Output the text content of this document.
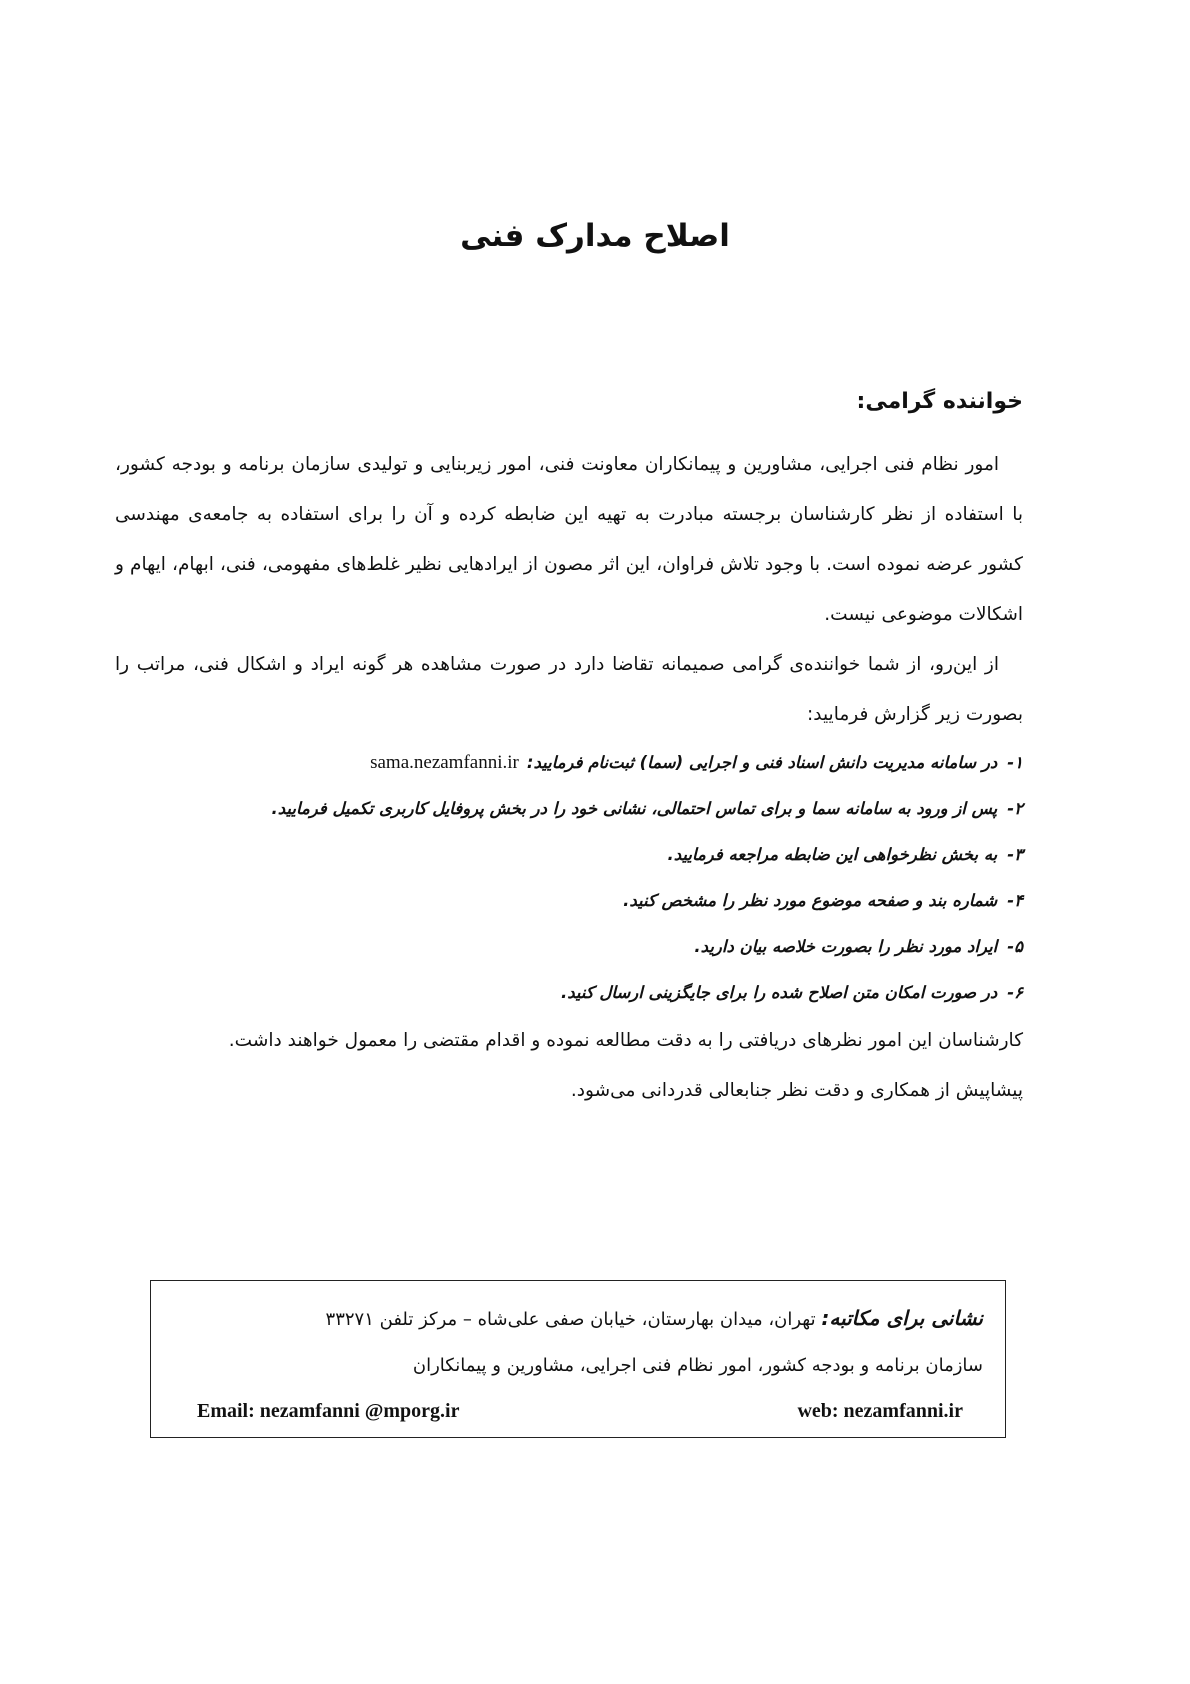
اصلاح مدارک فنی

خواننده گرامی:

امور نظام فنی اجرایی، مشاورین و پیمانکاران معاونت فنی، امور زیربنایی و تولیدی سازمان برنامه و بودجه کشور، با استفاده از نظر کارشناسان برجسته مبادرت به تهیه این ضابطه کرده و آن را برای استفاده به جامعه‌ی مهندسی کشور عرضه نموده است. با وجود تلاش فراوان، این اثر مصون از ایرادهایی نظیر غلط‌های مفهومی، فنی، ابهام، ایهام و اشکالات موضوعی نیست.

از این‌رو، از شما خواننده‌ی گرامی صمیمانه تقاضا دارد در صورت مشاهده هر گونه ایراد و اشکال فنی، مراتب را بصورت زیر گزارش فرمایید:

۱-در سامانه مدیریت دانش اسناد فنی و اجرایی (سما) ثبت‌نام فرمایید:sama.nezamfanni.ir
۲-پس از ورود به سامانه سما و برای تماس احتمالی، نشانی خود را در بخش پروفایل کاربری تکمیل فرمایید.
۳-به بخش نظرخواهی این ضابطه مراجعه فرمایید.
۴-شماره بند و صفحه موضوع مورد نظر را مشخص کنید.
۵-ایراد مورد نظر را بصورت خلاصه بیان دارید.
۶-در صورت امکان متن اصلاح شده را برای جایگزینی ارسال کنید.

کارشناسان این امور نظرهای دریافتی را به دقت مطالعه نموده و اقدام مقتضی را معمول خواهند داشت.

پیشاپیش از همکاری و دقت نظر جنابعالی قدردانی می‌شود.

نشانی برای مکاتبه: تهران، میدان بهارستان، خیابان صفی علی‌شاه – مرکز تلفن ۳۳۲۷۱

سازمان برنامه و بودجه کشور، امور نظام فنی اجرایی، مشاورین و پیمانکاران

Email: nezamfanni @mporg.ir	web: nezamfanni.ir
